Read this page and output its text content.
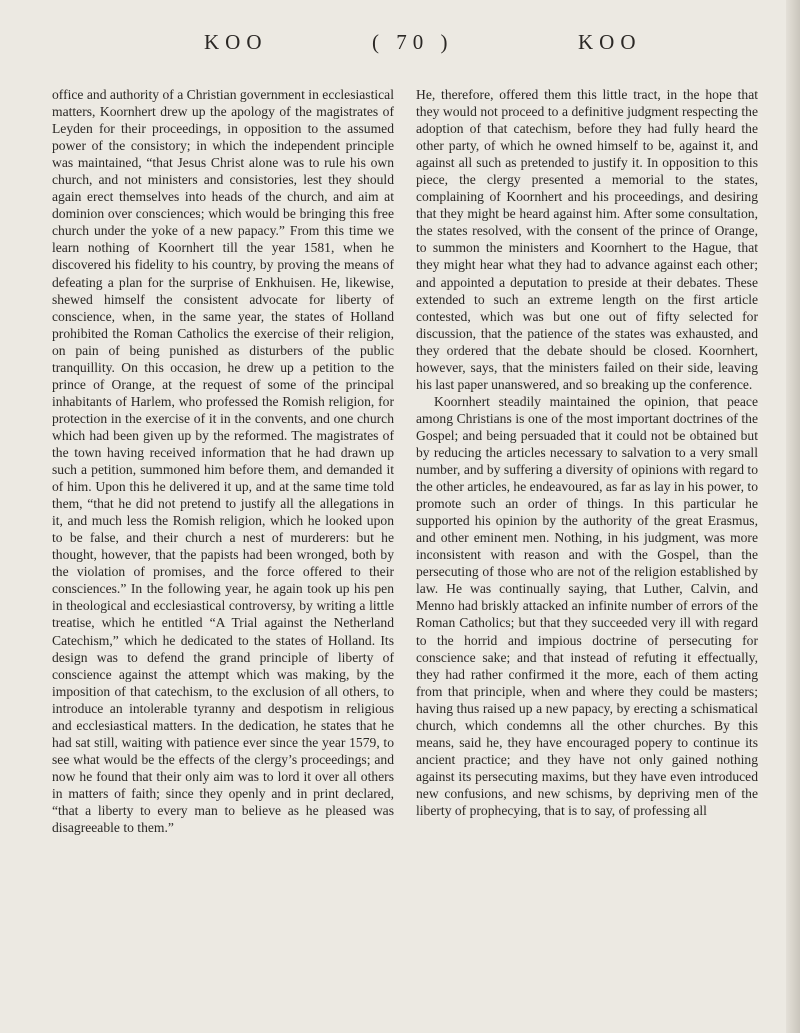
KOO	( 70 )	KOO

office and authority of a Christian government in ecclesiastical matters, Koornhert drew up the apology of the magistrates of Leyden for their proceedings, in opposition to the assumed power of the consistory; in which the independent principle was maintained, “that Jesus Christ alone was to rule his own church, and not ministers and consistories, lest they should again erect themselves into heads of the church, and aim at dominion over consciences; which would be bringing this free church under the yoke of a new papacy.” From this time we learn nothing of Koornhert till the year 1581, when he discovered his fidelity to his country, by proving the means of defeating a plan for the surprise of Enkhuisen. He, likewise, shewed himself the consistent advocate for liberty of conscience, when, in the same year, the states of Holland prohibited the Roman Catholics the exercise of their religion, on pain of being punished as disturbers of the public tranquillity. On this occasion, he drew up a petition to the prince of Orange, at the request of some of the principal inhabitants of Harlem, who professed the Romish religion, for protection in the exercise of it in the convents, and one church which had been given up by the reformed. The magistrates of the town having received information that he had drawn up such a petition, summoned him before them, and demanded it of him. Upon this he delivered it up, and at the same time told them, “that he did not pretend to justify all the allegations in it, and much less the Romish religion, which he looked upon to be false, and their church a nest of murderers: but he thought, however, that the papists had been wronged, both by the violation of promises, and the force offered to their consciences.” In the following year, he again took up his pen in theological and ecclesiastical controversy, by writing a little treatise, which he entitled “A Trial against the Netherland Catechism,” which he dedicated to the states of Holland. Its design was to defend the grand principle of liberty of conscience against the attempt which was making, by the imposition of that catechism, to the exclusion of all others, to introduce an intolerable tyranny and despotism in religious and ecclesiastical matters. In the dedication, he states that he had sat still, waiting with patience ever since the year 1579, to see what would be the effects of the clergy’s proceedings; and now he found that their only aim was to lord it over all others in matters of faith; since they openly and in print declared, “that a liberty to every man to believe as he pleased was disagreeable to them.”

He, therefore, offered them this little tract, in the hope that they would not proceed to a definitive judgment respecting the adoption of that catechism, before they had fully heard the other party, of which he owned himself to be, against it, and against all such as pretended to justify it. In opposition to this piece, the clergy presented a memorial to the states, complaining of Koornhert and his proceedings, and desiring that they might be heard against him. After some consultation, the states resolved, with the consent of the prince of Orange, to summon the ministers and Koornhert to the Hague, that they might hear what they had to advance against each other; and appointed a deputation to preside at their debates. These extended to such an extreme length on the first article contested, which was but one out of fifty selected for discussion, that the patience of the states was exhausted, and they ordered that the debate should be closed. Koornhert, however, says, that the ministers failed on their side, leaving his last paper unanswered, and so breaking up the conference.

Koornhert steadily maintained the opinion, that peace among Christians is one of the most important doctrines of the Gospel; and being persuaded that it could not be obtained but by reducing the articles necessary to salvation to a very small number, and by suffering a diversity of opinions with regard to the other articles, he endeavoured, as far as lay in his power, to promote such an order of things. In this particular he supported his opinion by the authority of the great Erasmus, and other eminent men. Nothing, in his judgment, was more inconsistent with reason and with the Gospel, than the persecuting of those who are not of the religion established by law. He was continually saying, that Luther, Calvin, and Menno had briskly attacked an infinite number of errors of the Roman Catholics; but that they succeeded very ill with regard to the horrid and impious doctrine of persecuting for conscience sake; and that instead of refuting it effectually, they had rather confirmed it the more, each of them acting from that principle, when and where they could be masters; having thus raised up a new papacy, by erecting a schismatical church, which condemns all the other churches. By this means, said he, they have encouraged popery to continue its ancient practice; and they have not only gained nothing against its persecuting maxims, but they have even introduced new confusions, and new schisms, by depriving men of the liberty of prophecying, that is to say, of professing all
